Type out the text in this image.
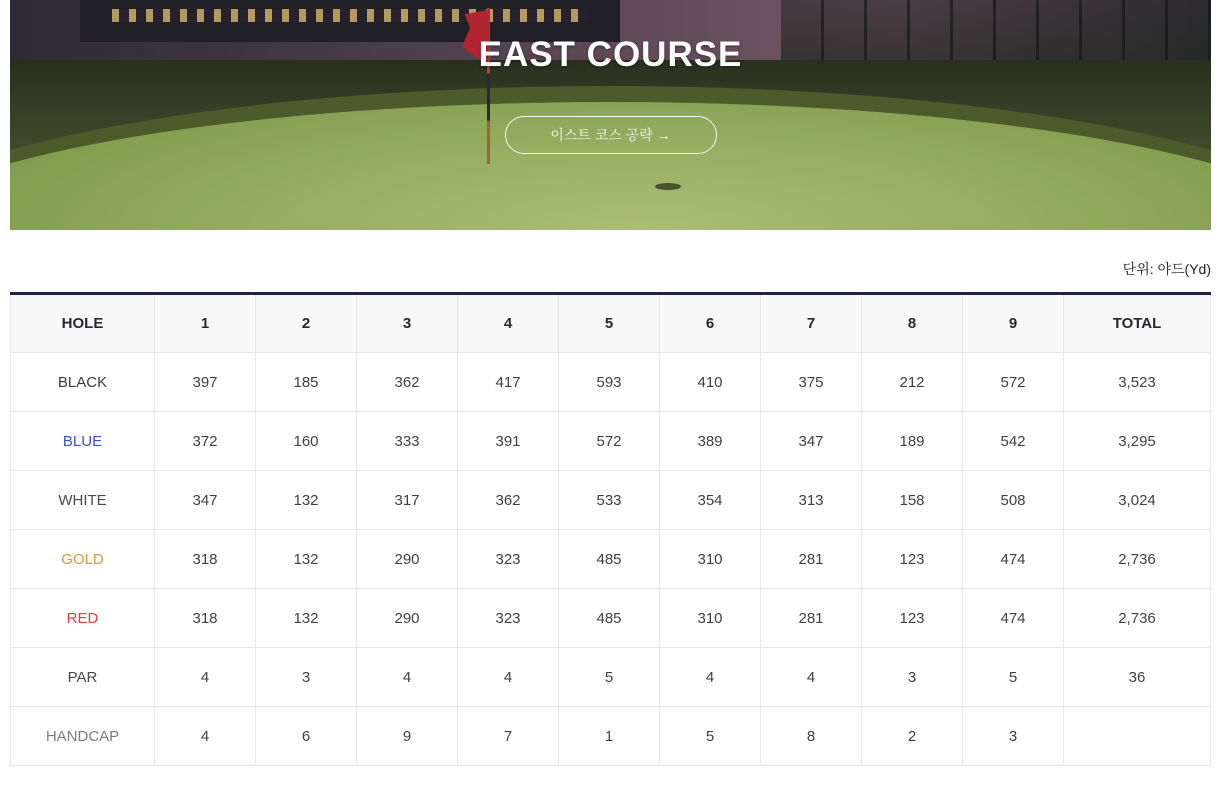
EAST COURSE

이스트 코스 공략 →
단위: 야드(Yd)
HOLE	1	2	3	4	5	6	7	8	9	TOTAL
BLACK	397	185	362	417	593	410	375	212	572	3,523
BLUE	372	160	333	391	572	389	347	189	542	3,295
WHITE	347	132	317	362	533	354	313	158	508	3,024
GOLD	318	132	290	323	485	310	281	123	474	2,736
RED	318	132	290	323	485	310	281	123	474	2,736
PAR	4	3	4	4	5	4	4	3	5	36
HANDCAP	4	6	9	7	1	5	8	2	3	
